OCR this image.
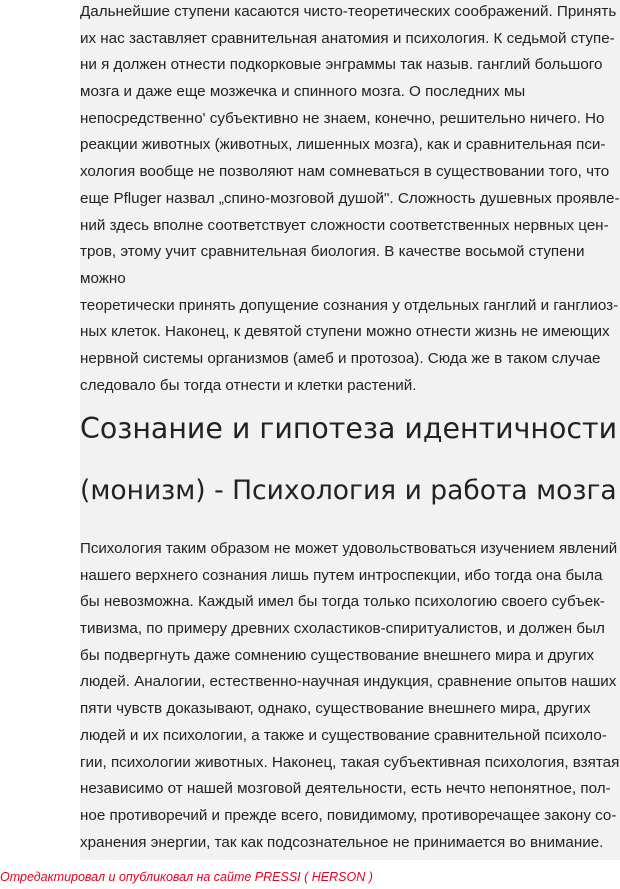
Дальнейшие ступени касаются чисто-теоретических соображений. Принять
их нас заставляет сравнительная анатомия и психология. К седьмой ступе-
ни я должен отнести подкорковые энграммы так назыв. ганглий большого
мозга и даже еще мозжечка и спинного мозга. О последних мы
непосредственно' субъективно не знаем, конечно, решительно ничего. Но
реакции животных (животных, лишенных мозга), как и сравнительная пси-
хология вообще не позволяют нам сомневаться в существовании того, что
еще Pfluger назвал „спино-мозговой душой". Сложность душевных проявле-
ний здесь вполне соответствует сложности соответственных нервных цен-
тров, этому учит сравнительная биология. В качестве восьмой ступени
можно
теоретически принять допущение сознания у отдельных ганглий и ганглиоз-
ных клеток. Наконец, к девятой ступени можно отнести жизнь не имеющих
нервной системы организмов (амеб и протозоа). Сюда же в таком случае
следовало бы тогда отнести и клетки растений.
Сознание и гипотеза идентичности
(монизм) - Психология и работа мозга
Психология таким образом не может удовольствоваться изучением явлений
нашего верхнего сознания лишь путем интроспекции, ибо тогда она была
бы невозможна. Каждый имел бы тогда только психологию своего субъек-
тивизма, по примеру древних схоластиков-спиритуалистов, и должен был
бы подвергнуть даже сомнению существование внешнего мира и других
людей. Аналогии, естественно-научная индукция, сравнение опытов наших
пяти чувств доказывают, однако, существование внешнего мира, других
людей и их психологии, а также и существование сравнительной психоло-
гии, психологии животных. Наконец, такая субъективная психология, взятая
независимо от нашей мозговой деятельности, есть нечто непонятное, пол-
ное противоречий и прежде всего, повидимому, противоречащее закону со-
хранения энергии, так как подсознательное не принимается во внимание.
Отредактировал и опубликовал на сайте PRESSI ( HERSON )
